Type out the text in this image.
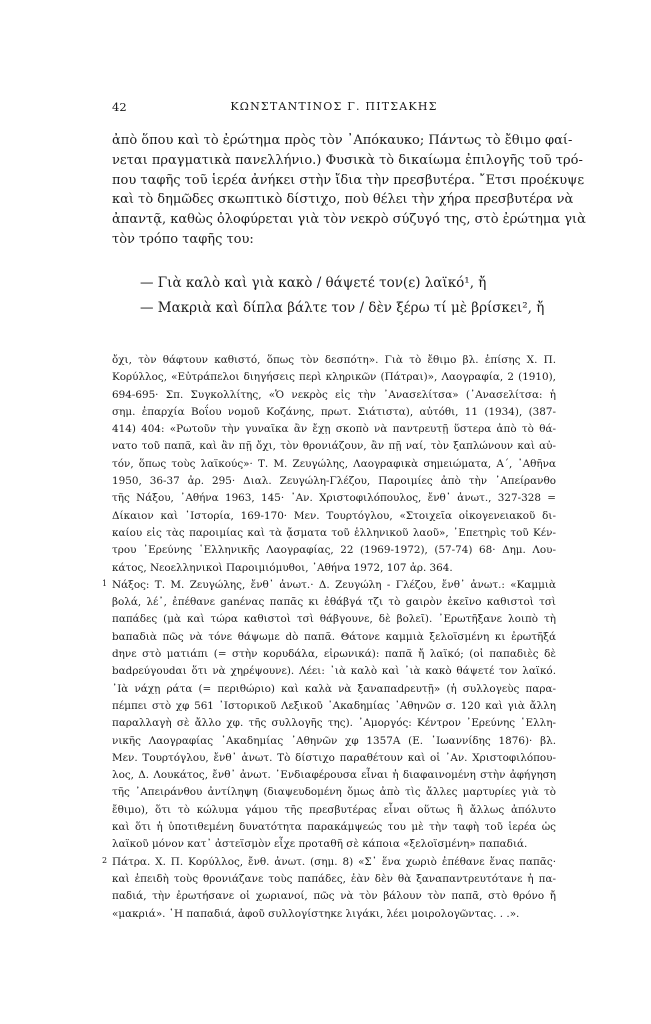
42	ΚΩΝΣΤΑΝΤΙΝΟΣ Γ. ΠΙΤΣΑΚΗΣ
ἀπὸ ὅπου καὶ τὸ ἐρώτημα πρὸς τὸν ᾿Απόκαυκο; Πάντως τὸ ἔθιμο φαί-
νεται πραγματικὰ πανελλήνιο.) Φυσικὰ τὸ δικαίωμα ἐπιλογῆς τοῦ τρό-
που ταφῆς τοῦ ἱερέα ἀνήκει στὴν ἴδια τὴν πρεσβυτέρα. ῎Ετσι προέκυψε
καὶ τὸ δημῶδες σκωπτικὸ δίστιχο, ποὺ θέλει τὴν χήρα πρεσβυτέρα νὰ
ἀπαντᾷ, καθὼς ὀλοφύρεται γιὰ τὸν νεκρὸ σύζυγό της, στὸ ἐρώτημα γιὰ
τὸν τρόπο ταφῆς του:
— Γιὰ καλὸ καὶ γιὰ κακὸ / θάψετέ τον(ε) λαϊκό¹, ἤ
— Μακριὰ καὶ δίπλα βάλτε τον / δὲν ξέρω τί μὲ βρίσκει², ἤ
ὄχι, τὸν θάφτουν καθιστό, ὅπως τὸν δεσπότη». Γιὰ τὸ ἔθιμο βλ. ἐπίσης Χ. Π.
Κορύλλος, «Εὐτράπελοι διηγήσεις περὶ κληρικῶν (Πάτραι)», Λαογραφία, 2 (1910),
694-695· Σπ. Συγκολλίτης, «Ὁ νεκρὸς εἰς τὴν ᾿Ανασελίτσα» (᾿Ανασελίτσα: ἡ
σημ. ἐπαρχία Βοΐου νομοῦ Κοζάνης, πρωτ. Σιάτιστα), αὐτόθι, 11 (1934), (387-
414) 404: «Ρωτοῦν τὴν γυναῖκα ἂν ἔχῃ σκοπὸ νὰ παντρευτῇ ὕστερα ἀπὸ τὸ θά-
νατο τοῦ παπᾶ, καὶ ἂν πῇ ὄχι, τὸν θρονιάζουν, ἂν πῇ ναί, τὸν ξαπλώνουν καὶ αὐ-
τόν, ὅπως τοὺς λαϊκούς»· Τ. Μ. Ζευγώλης, Λαογραφικὰ σημειώματα, Α΄, ᾿Αθῆνα
1950, 36-37 ἀρ. 295· Διαλ. Ζευγώλη-Γλέζου, Παροιμίες ἀπὸ τὴν ᾿Απείρανθο
τῆς Νάξου, ᾿Αθήνα 1963, 145· ᾿Αν. Χριστοφιλόπουλος, ἔνθ᾿ ἀνωτ., 327-328 =
Δίκαιον καὶ ῾Ιστορία, 169-170· Μεν. Τουρτόγλου, «Στοιχεῖα οἰκογενειακοῦ δι-
καίου εἰς τὰς παροιμίας καὶ τὰ ᾄσματα τοῦ ἑλληνικοῦ λαοῦ», ᾿Επετηρὶς τοῦ Κέν-
τρου ᾿Ερεύνης ῾Ελληνικῆς Λαογραφίας, 22 (1969-1972), (57-74) 68· Δημ. Λου-
κάτος, Νεοελληνικοὶ Παροιμιόμυθοι, ᾿Αθήνα 1972, 107 ἀρ. 364.
1 Νάξος: Τ. Μ. Ζευγώλης, ἔνθ᾿ ἀνωτ.· Δ. Ζευγώλη - Γλέζου, ἔνθ᾿ ἀνωτ.: «Καμμιὰ
βολά, λέ᾿, ἐπέθανε ganένας παπᾶς κι ἐθάβγά τζι τὸ gαιρὸν ἐκεῖνο καθιστοὶ τσὶ
παπάδες (μὰ καὶ τώρα καθιστοὶ τσὶ θάβγουνε, δὲ βολεῖ). ᾿Ερωτῆξανε λοιπὸ τὴ
bαπαδιὰ πῶς νὰ τόνε θάψωμε dὸ παπᾶ. Θάτονε καμμιὰ ξελοϊσμένη κι ἐρωτῆξά
dηνε στὸ ματιάπι (= στὴν κορυδάλα, εἰρωνικά): παπᾶ ἤ λαϊκό; (οἱ παπαδιὲς δὲ
bαdρεύγουdαι ὅτι νὰ χηρέψουνε). Λέει: ᾿ιὰ καλὸ καὶ ᾿ιὰ κακὸ θάψετέ τον λαϊκό.
᾿Ιὰ νάχῃ ράτα (= περιθώριο) καὶ καλὰ νὰ ξαναπαdρευτῇ» (ἡ συλλογεὺς παρα-
πέμπει στὸ χφ 561 ᾿Ιστορικοῦ Λεξικοῦ ᾿Ακαδημίας ᾿Αθηνῶν σ. 120 καὶ γιὰ ἄλλη
παραλλαγὴ σὲ ἄλλο χφ. τῆς συλλογῆς της). ᾿Αμοργός: Κέντρον ᾿Ερεύνης ῾Ελλη-
νικῆς Λαογραφίας ᾿Ακαδημίας ᾿Αθηνῶν χφ 1357Α (Ε. ᾿Ιωαννίδης 1876)· βλ.
Μεν. Τουρτόγλου, ἔνθ᾿ ἀνωτ. Τὸ δίστιχο παραθέτουν καὶ οἱ ᾿Αν. Χριστοφιλόπου-
λος, Δ. Λουκάτος, ἔνθ᾿ ἀνωτ. ᾿Ενδιαφέρουσα εἶναι ἡ διαφαινομένη στὴν ἀφήγηση
τῆς ᾿Απειράνθου ἀντίληψη (διαψευδομένη ὅμως ἀπὸ τὶς ἄλλες μαρτυρίες γιὰ τὸ
ἔθιμο), ὅτι τὸ κώλυμα γάμου τῆς πρεσβυτέρας εἶναι οὕτως ἢ ἄλλως ἀπόλυτο
καὶ ὅτι ἡ ὑποτιθεμένη δυνατότητα παρακάμψεώς του μὲ τὴν ταφὴ τοῦ ἱερέα ὡς
λαϊκοῦ μόνον κατ᾿ ἀστεϊσμὸν εἶχε προταθῆ σὲ κάποια «ξελοϊσμένη» παπαδιά.
2 Πάτρα. Χ. Π. Κορύλλος, ἔνθ. ἀνωτ. (σημ. 8) «Σ᾿ ἕνα χωριὸ ἐπέθανε ἕνας παπᾶς·
καὶ ἐπειδὴ τοὺς θρονιάζανε τοὺς παπάδες, ἐὰν δὲν θὰ ξαναπαντρευτότανε ἡ πα-
παδιά, τὴν ἐρωτήσανε οἱ χωριανοί, πῶς νὰ τὸν βάλουν τὸν παπᾶ, στὸ θρόνο ἤ
«μακριά». ῾Η παπαδιά, ἀφοῦ συλλογίστηκε λιγάκι, λέει μοιρολογῶντας. . .».
